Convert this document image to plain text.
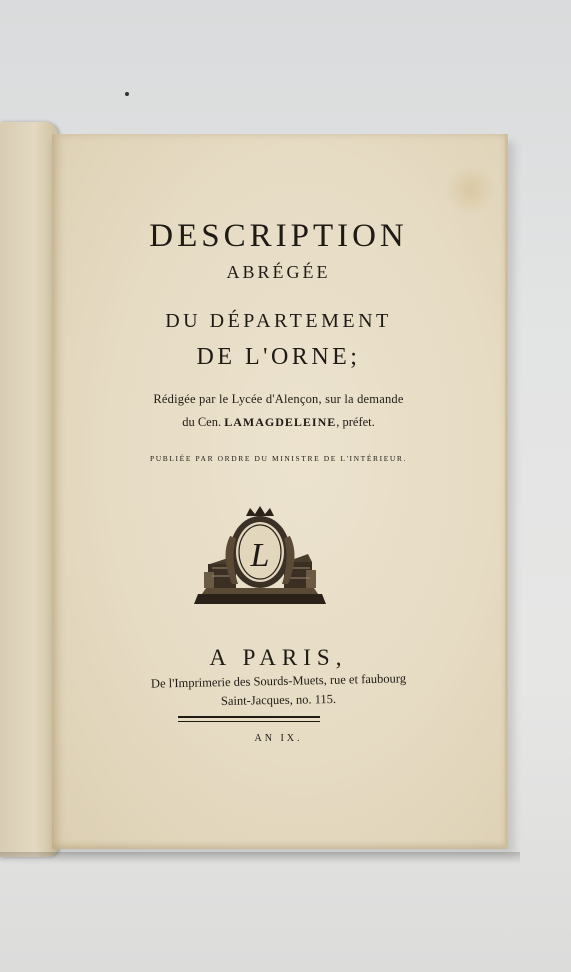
DESCRIPTION
ABRÉGÉE
DU DÉPARTEMENT
DE L'ORNE;
Rédigée par le Lycée d'Alençon, sur la demande
du Cen. LAMAGDELEINE, préfet.
PUBLIÉE PAR ORDRE DU MINISTRE DE L'INTÉRIEUR.
L
A PARIS,
De l'Imprimerie des Sourds-Muets, rue et faubourg
Saint-Jacques, no. 115.
AN IX.
